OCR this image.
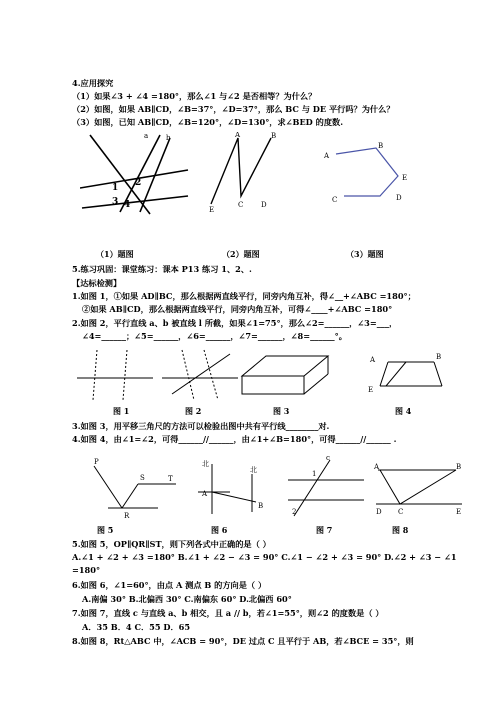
4.应用探究
（1）如果∠3 + ∠4 =180°，那么∠1 与∠2 是否相等？为什么？
（2）如图，如果 AB∥CD，∠B=37°，∠D=37°，那么 BC 与 DE 平行吗？为什么？
（3）如图，已知 AB∥CD，∠B=120°，∠D=130°，求∠BED 的度数.
1 2
3 4
a	b	A	B
C	D
E
A
B
E
D
C
（1）题图	（2）题图	（3）题图
5.练习巩固：课堂练习：课本 P13 练习 1、2、.
【达标检测】
1.如图 1，①如果 AD∥BC，那么根据两直线平行，同旁内角互补，得∠__+∠ABC =180°；
②如果 AB∥CD，那么根据两直线平行，同旁内角互补，可得∠____+∠ABC =180°
2.如图 2，平行直线 a、b 被直线 l 所截，如果∠1=75°，那么∠2=______，∠3=___，
∠4=______；∠5=______，∠6=______，∠7=______，∠8=______°。
A	B
E
图 1	图 2	图 3	图 4
3.如图 3，用平移三角尺的方法可以检验出图中共有平行线________对.
4.如图 4，由∠1=∠2，可得______//______，由∠1+∠B=180°，可得______//______ .
P
R
T
S
北
北
A
B
c
1
2
A	B
C
D	E
图 5	图 6	图 7	图 8
5.如图 5，OP∥QR∥ST，则下列各式中正确的是（ ）
A.∠1 + ∠2 + ∠3 =180° B.∠1 + ∠2 − ∠3 = 90° C.∠1 − ∠2 + ∠3 = 90° D.∠2 + ∠3 − ∠1
=180°
6.如图 6，∠1=60°，由点 A 测点 B 的方向是（ ）
A.南偏 30° B.北偏西 30° C.南偏东 60° D.北偏西 60°
7.如图 7，直线 c 与直线 a、b 相交，且 a // b，若∠1=55°，则∠2 的度数是（ ）
A．35 B．4 C．55 D．65
8.如图 8，Rt△ABC 中，∠ACB = 90°，DE 过点 C 且平行于 AB，若∠BCE = 35°，则
